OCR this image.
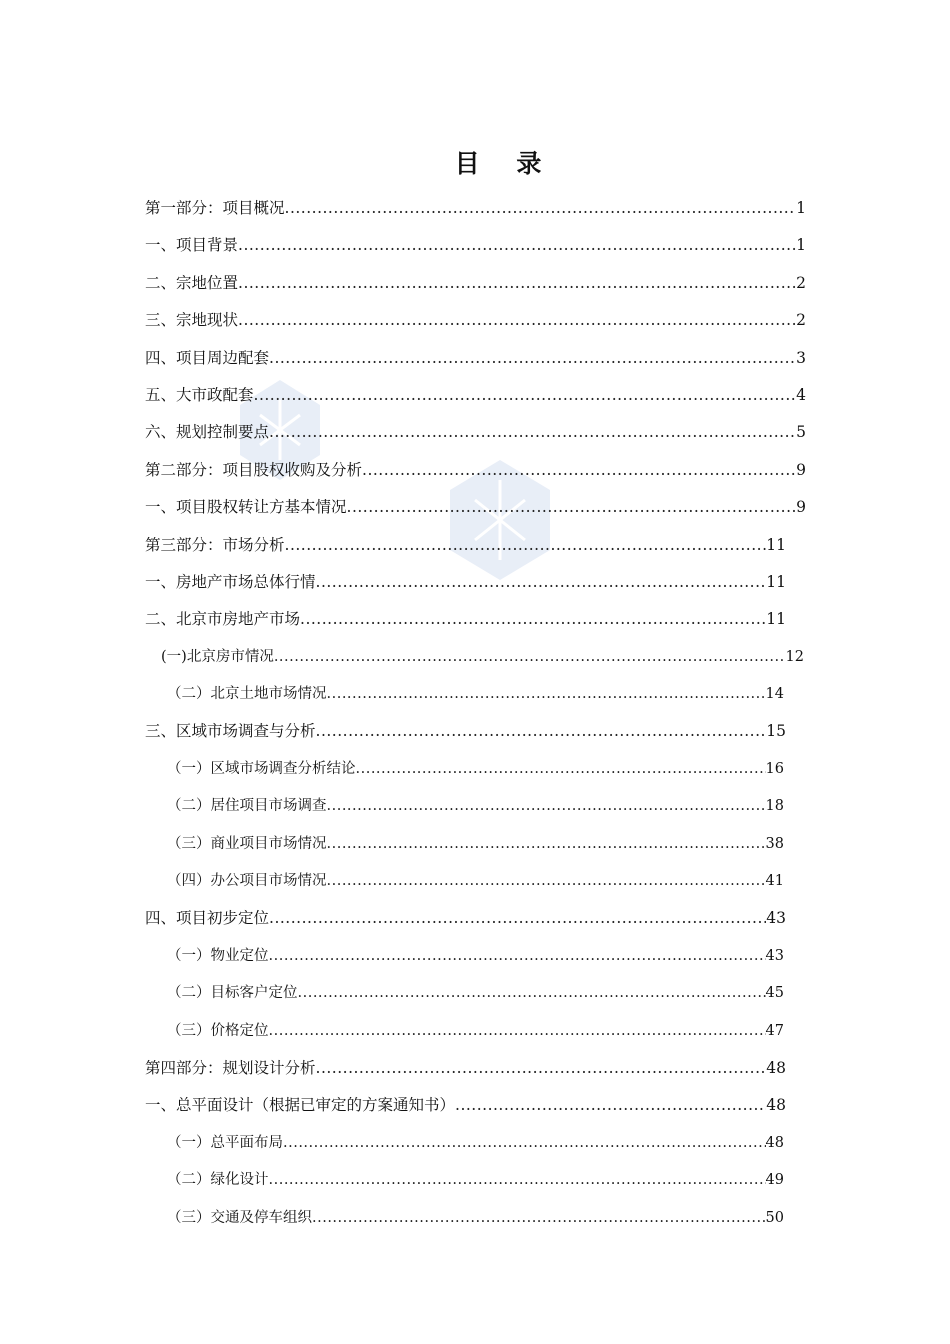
目 录
第一部分：项目概况 .....	1
一、项目背景 .....	1
二、宗地位置 .....	2
三、宗地现状 .....	2
四、项目周边配套 .....	3
五、大市政配套 .....	4
六、规划控制要点 .....	5
第二部分：项目股权收购及分析 .....	9
一、项目股权转让方基本情况 .....	9
第三部分：市场分析 .....	11
一、房地产市场总体行情 .....	11
二、北京市房地产市场 .....	11
(一)北京房市情况 .....	12
（二）北京土地市场情况 .....	14
三、区域市场调查与分析 .....	15
（一）区域市场调查分析结论 .....	16
（二）居住项目市场调查 .....	18
（三）商业项目市场情况 .....	38
（四）办公项目市场情况 .....	41
四、项目初步定位 .....	43
（一）物业定位 .....	43
（二）目标客户定位 .....	45
（三）价格定位 .....	47
第四部分：规划设计分析 .....	48
一、总平面设计（根据已审定的方案通知书） .....	48
（一）总平面布局 .....	48
（二）绿化设计 .....	49
（三）交通及停车组织 .....	50
